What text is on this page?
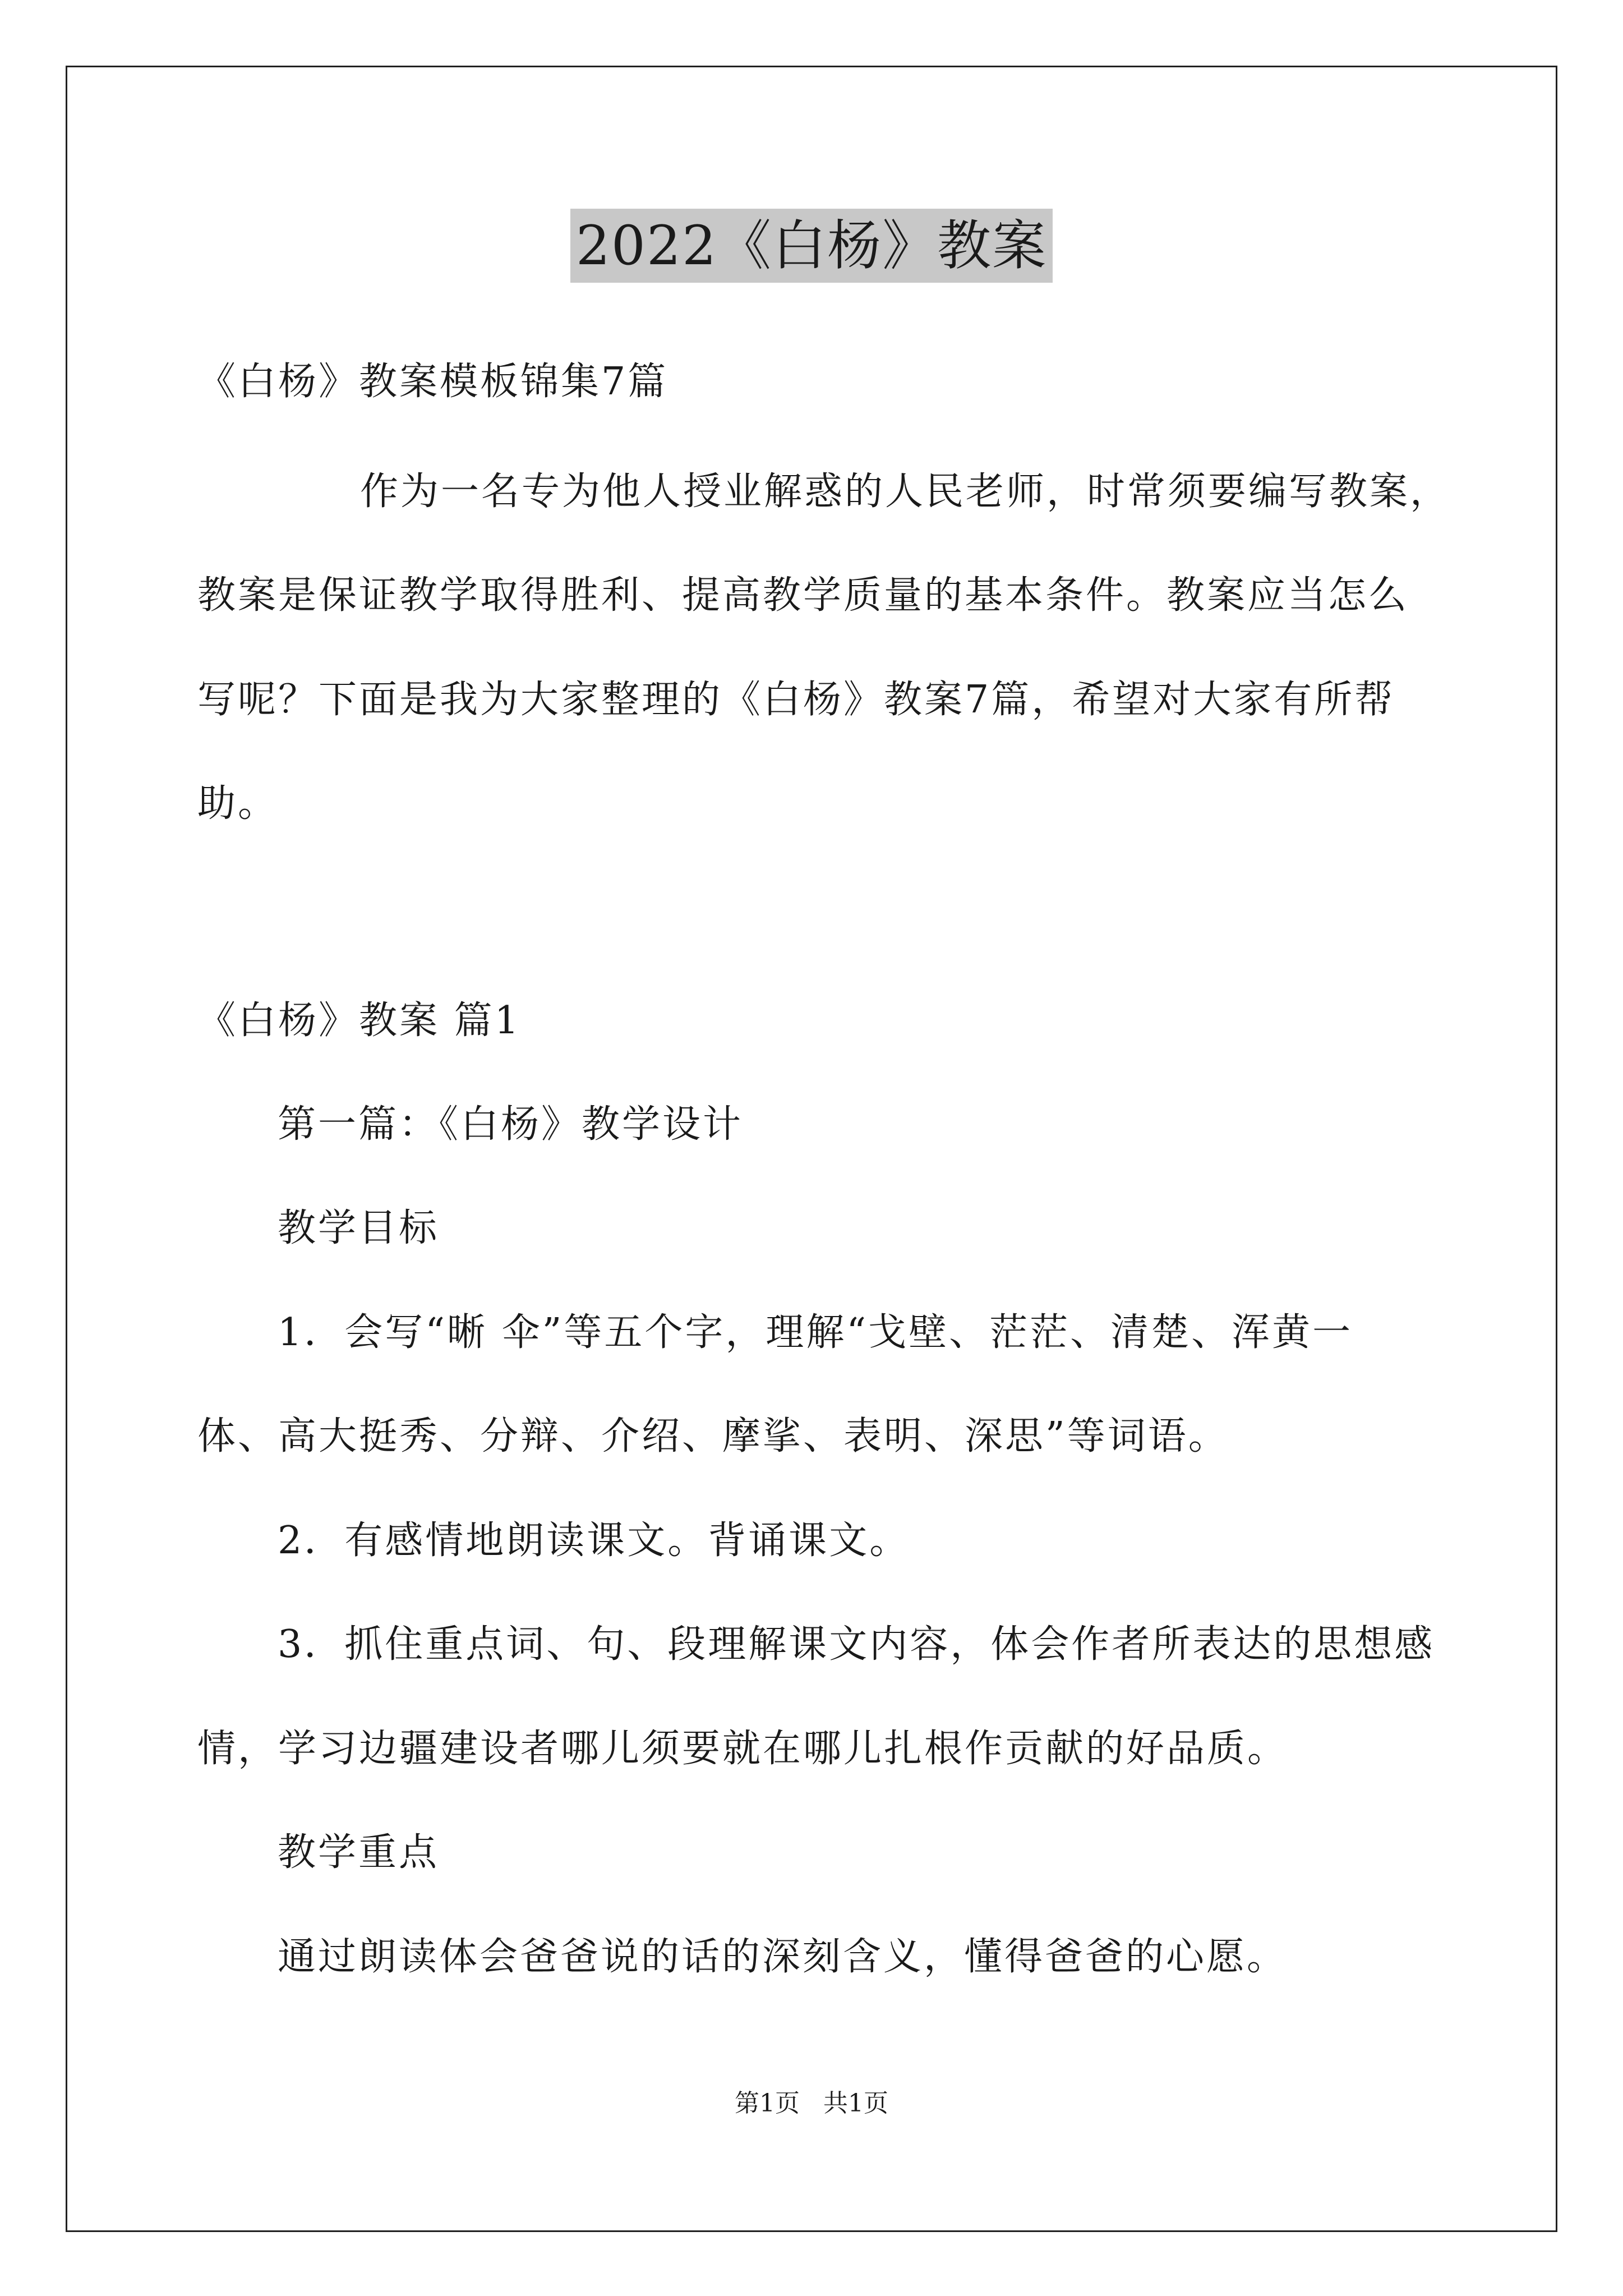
2022《白杨》教案
《白杨》教案模板锦集7篇
作为一名专为他人授业解惑的人民老师，时常须要编写教案，
教案是保证教学取得胜利、提高教学质量的基本条件。教案应当怎么
写呢？下面是我为大家整理的《白杨》教案7篇，希望对大家有所帮
助。
《白杨》教案 篇1
第一篇：《白杨》教学设计
教学目标
1．会写“晰 伞”等五个字，理解“戈壁、茫茫、清楚、浑黄一
体、高大挺秀、分辩、介绍、摩挲、表明、深思”等词语。
2．有感情地朗读课文。背诵课文。
3．抓住重点词、句、段理解课文内容，体会作者所表达的思想感
情，学习边疆建设者哪儿须要就在哪儿扎根作贡献的好品质。
教学重点
通过朗读体会爸爸说的话的深刻含义，懂得爸爸的心愿。
第1页   共1页
